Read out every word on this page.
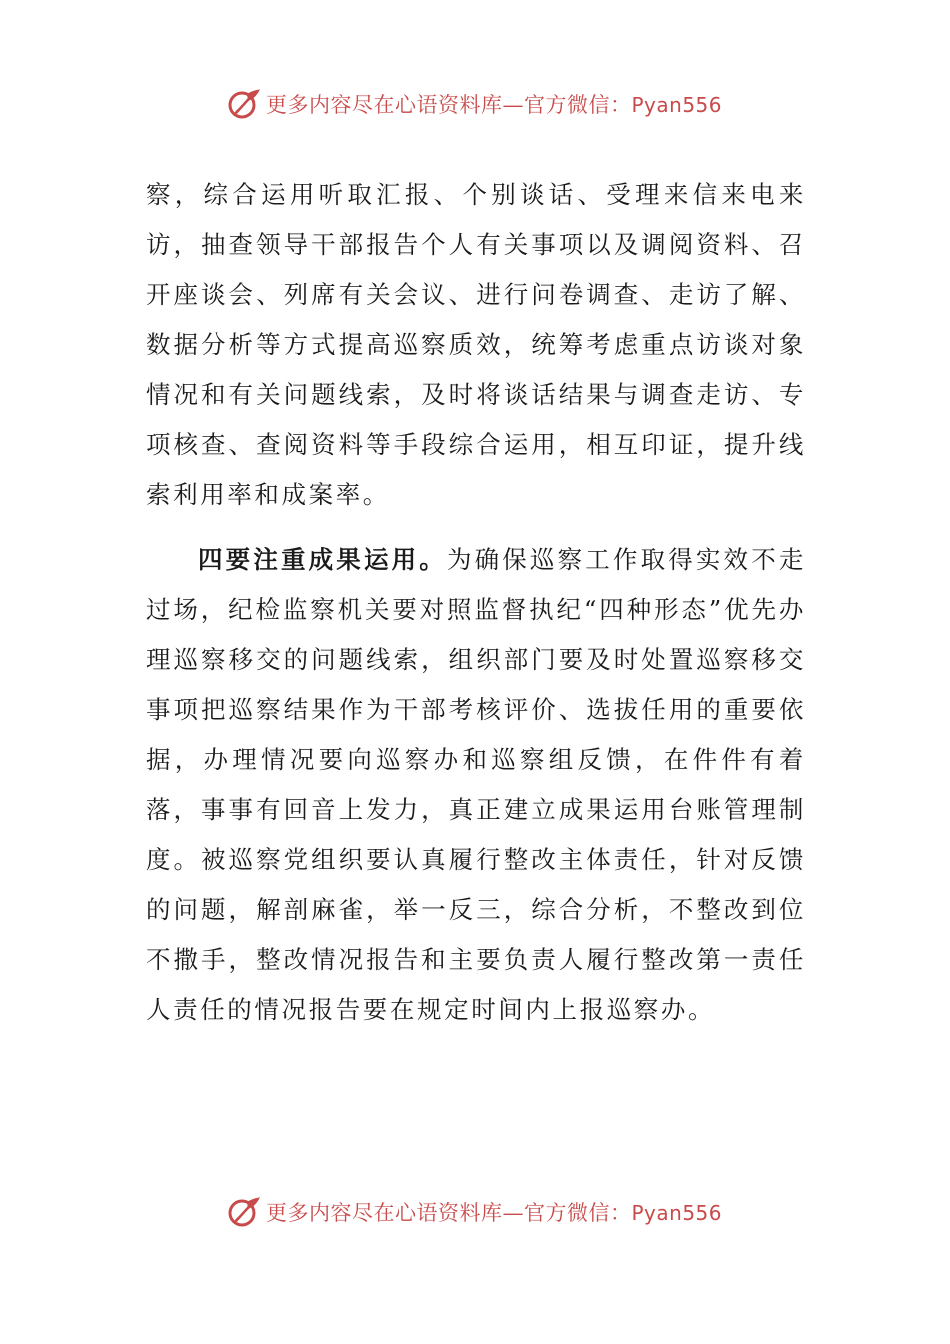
更多内容尽在心语资料库—官方微信：Pyan556

察，综合运用听取汇报、个别谈话、受理来信来电来访，抽查领导干部报告个人有关事项以及调阅资料、召开座谈会、列席有关会议、进行问卷调查、走访了解、数据分析等方式提高巡察质效，统筹考虑重点访谈对象情况和有关问题线索，及时将谈话结果与调查走访、专项核查、查阅资料等手段综合运用，相互印证，提升线索利用率和成案率。

四要注重成果运用。为确保巡察工作取得实效不走过场，纪检监察机关要对照监督执纪“四种形态”优先办理巡察移交的问题线索，组织部门要及时处置巡察移交事项把巡察结果作为干部考核评价、选拔任用的重要依据，办理情况要向巡察办和巡察组反馈，在件件有着落，事事有回音上发力，真正建立成果运用台账管理制度。被巡察党组织要认真履行整改主体责任，针对反馈的问题，解剖麻雀，举一反三，综合分析，不整改到位不撒手，整改情况报告和主要负责人履行整改第一责任人责任的情况报告要在规定时间内上报巡察办。

更多内容尽在心语资料库—官方微信：Pyan556
